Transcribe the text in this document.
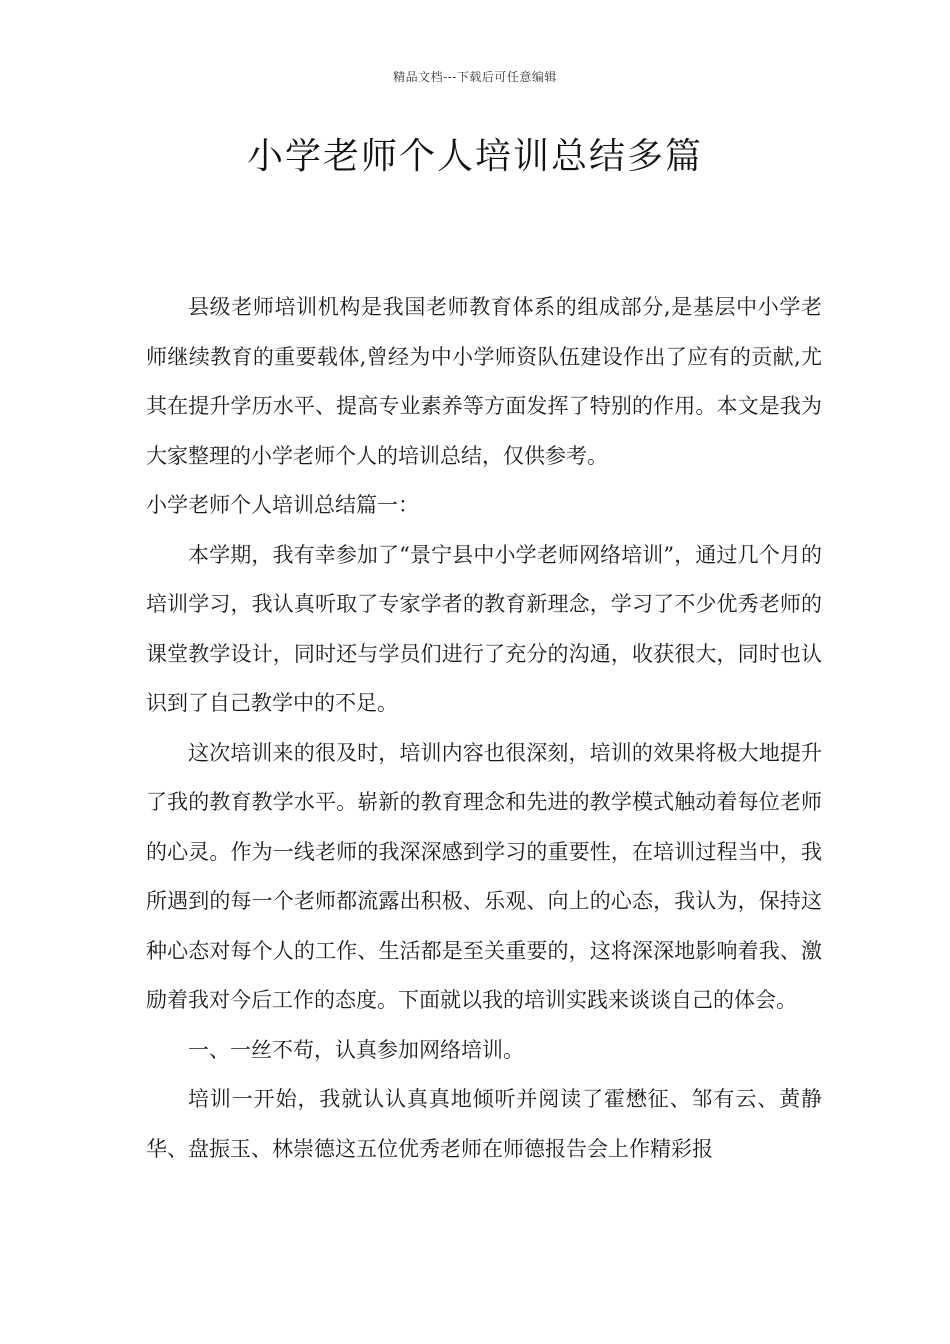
精品文档---下载后可任意编辑
小学老师个人培训总结多篇

县级老师培训机构是我国老师教育体系的组成部分,是基层中小学老师继续教育的重要载体,曾经为中小学师资队伍建设作出了应有的贡献,尤其在提升学历水平、提高专业素养等方面发挥了特别的作用。本文是我为大家整理的小学老师个人的培训总结，仅供参考。

小学老师个人培训总结篇一：

本学期，我有幸参加了“景宁县中小学老师网络培训”，通过几个月的培训学习，我认真听取了专家学者的教育新理念，学习了不少优秀老师的课堂教学设计，同时还与学员们进行了充分的沟通，收获很大，同时也认识到了自己教学中的不足。

这次培训来的很及时，培训内容也很深刻，培训的效果将极大地提升了我的教育教学水平。崭新的教育理念和先进的教学模式触动着每位老师的心灵。作为一线老师的我深深感到学习的重要性，在培训过程当中，我所遇到的每一个老师都流露出积极、乐观、向上的心态，我认为，保持这种心态对每个人的工作、生活都是至关重要的，这将深深地影响着我、激励着我对今后工作的态度。下面就以我的培训实践来谈谈自己的体会。

一、一丝不苟，认真参加网络培训。

培训一开始，我就认认真真地倾听并阅读了霍懋征、邹有云、黄静华、盘振玉、林崇德这五位优秀老师在师德报告会上作精彩报
